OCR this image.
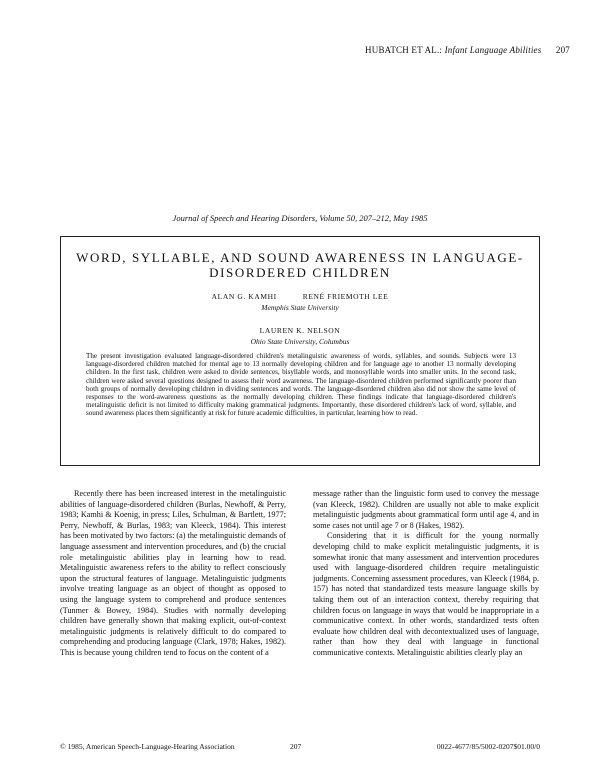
HUBATCH ET AL.: Infant Language Abilities 207
Journal of Speech and Hearing Disorders, Volume 50, 207–212, May 1985
WORD, SYLLABLE, AND SOUND AWARENESS IN LANGUAGE-DISORDERED CHILDREN
ALAN G. KAMHI	RENÉ FRIEMOTH LEE
Memphis State University
LAUREN K. NELSON
Ohio State University, Columbus
The present investigation evaluated language-disordered children's metalinguistic awareness of words, syllables, and sounds. Subjects were 13 language-disordered children matched for mental age to 13 normally developing children and for language age to another 13 normally developing children. In the first task, children were asked to divide sentences, bisyllable words, and monosyllable words into smaller units. In the second task, children were asked several questions designed to assess their word awareness. The language-disordered children performed significantly poorer than both groups of normally developing children in dividing sentences and words. The language-disordered children also did not show the same level of responses to the word-awareness questions as the normally developing children. These findings indicate that language-disordered children's metalinguistic deficit is not limited to difficulty making grammatical judgments. Importantly, these disordered children's lack of word, syllable, and sound awareness places them significantly at risk for future academic difficulties, in particular, learning how to read.

Recently there has been increased interest in the metalinguistic abilities of language-disordered children (Burlas, Newhoff, & Perry, 1983; Kamhi & Koenig, in press; Liles, Schulman, & Bartlett, 1977; Perry, Newhoff, & Burlas, 1983; van Kleeck, 1984). This interest has been motivated by two factors: (a) the metalinguistic demands of language assessment and intervention procedures, and (b) the crucial role metalinguistic abilities play in learning how to read. Metalinguistic awareness refers to the ability to reflect consciously upon the structural features of language. Metalinguistic judgments involve treating language as an object of thought as opposed to using the language system to comprehend and produce sentences (Tunmer & Bowey, 1984). Studies with normally developing children have generally shown that making explicit, out-of-context metalinguistic judgments is relatively difficult to do compared to comprehending and producing language (Clark, 1978; Hakes, 1982). This is because young children tend to focus on the content of a

message rather than the linguistic form used to convey the message (van Kleeck, 1982). Children are usually not able to make explicit metalinguistic judgments about grammatical form until age 4, and in some cases not until age 7 or 8 (Hakes, 1982).

Considering that it is difficult for the young normally developing child to make explicit metalinguistic judgments, it is somewhat ironic that many assessment and intervention procedures used with language-disordered children require metalinguistic judgments. Concerning assessment procedures, van Kleeck (1984, p. 157) has noted that standardized tests measure language skills by taking them out of an interaction context, thereby requiring that children focus on language in ways that would be inappropriate in a communicative context. In other words, standardized tests often evaluate how children deal with decontextualized uses of language, rather than how they deal with language in functional communicative contexts. Metalinguistic abilities clearly play an

© 1985, American Speech-Language-Hearing Association	207	0022-4677/85/5002-0207$01.00/0
